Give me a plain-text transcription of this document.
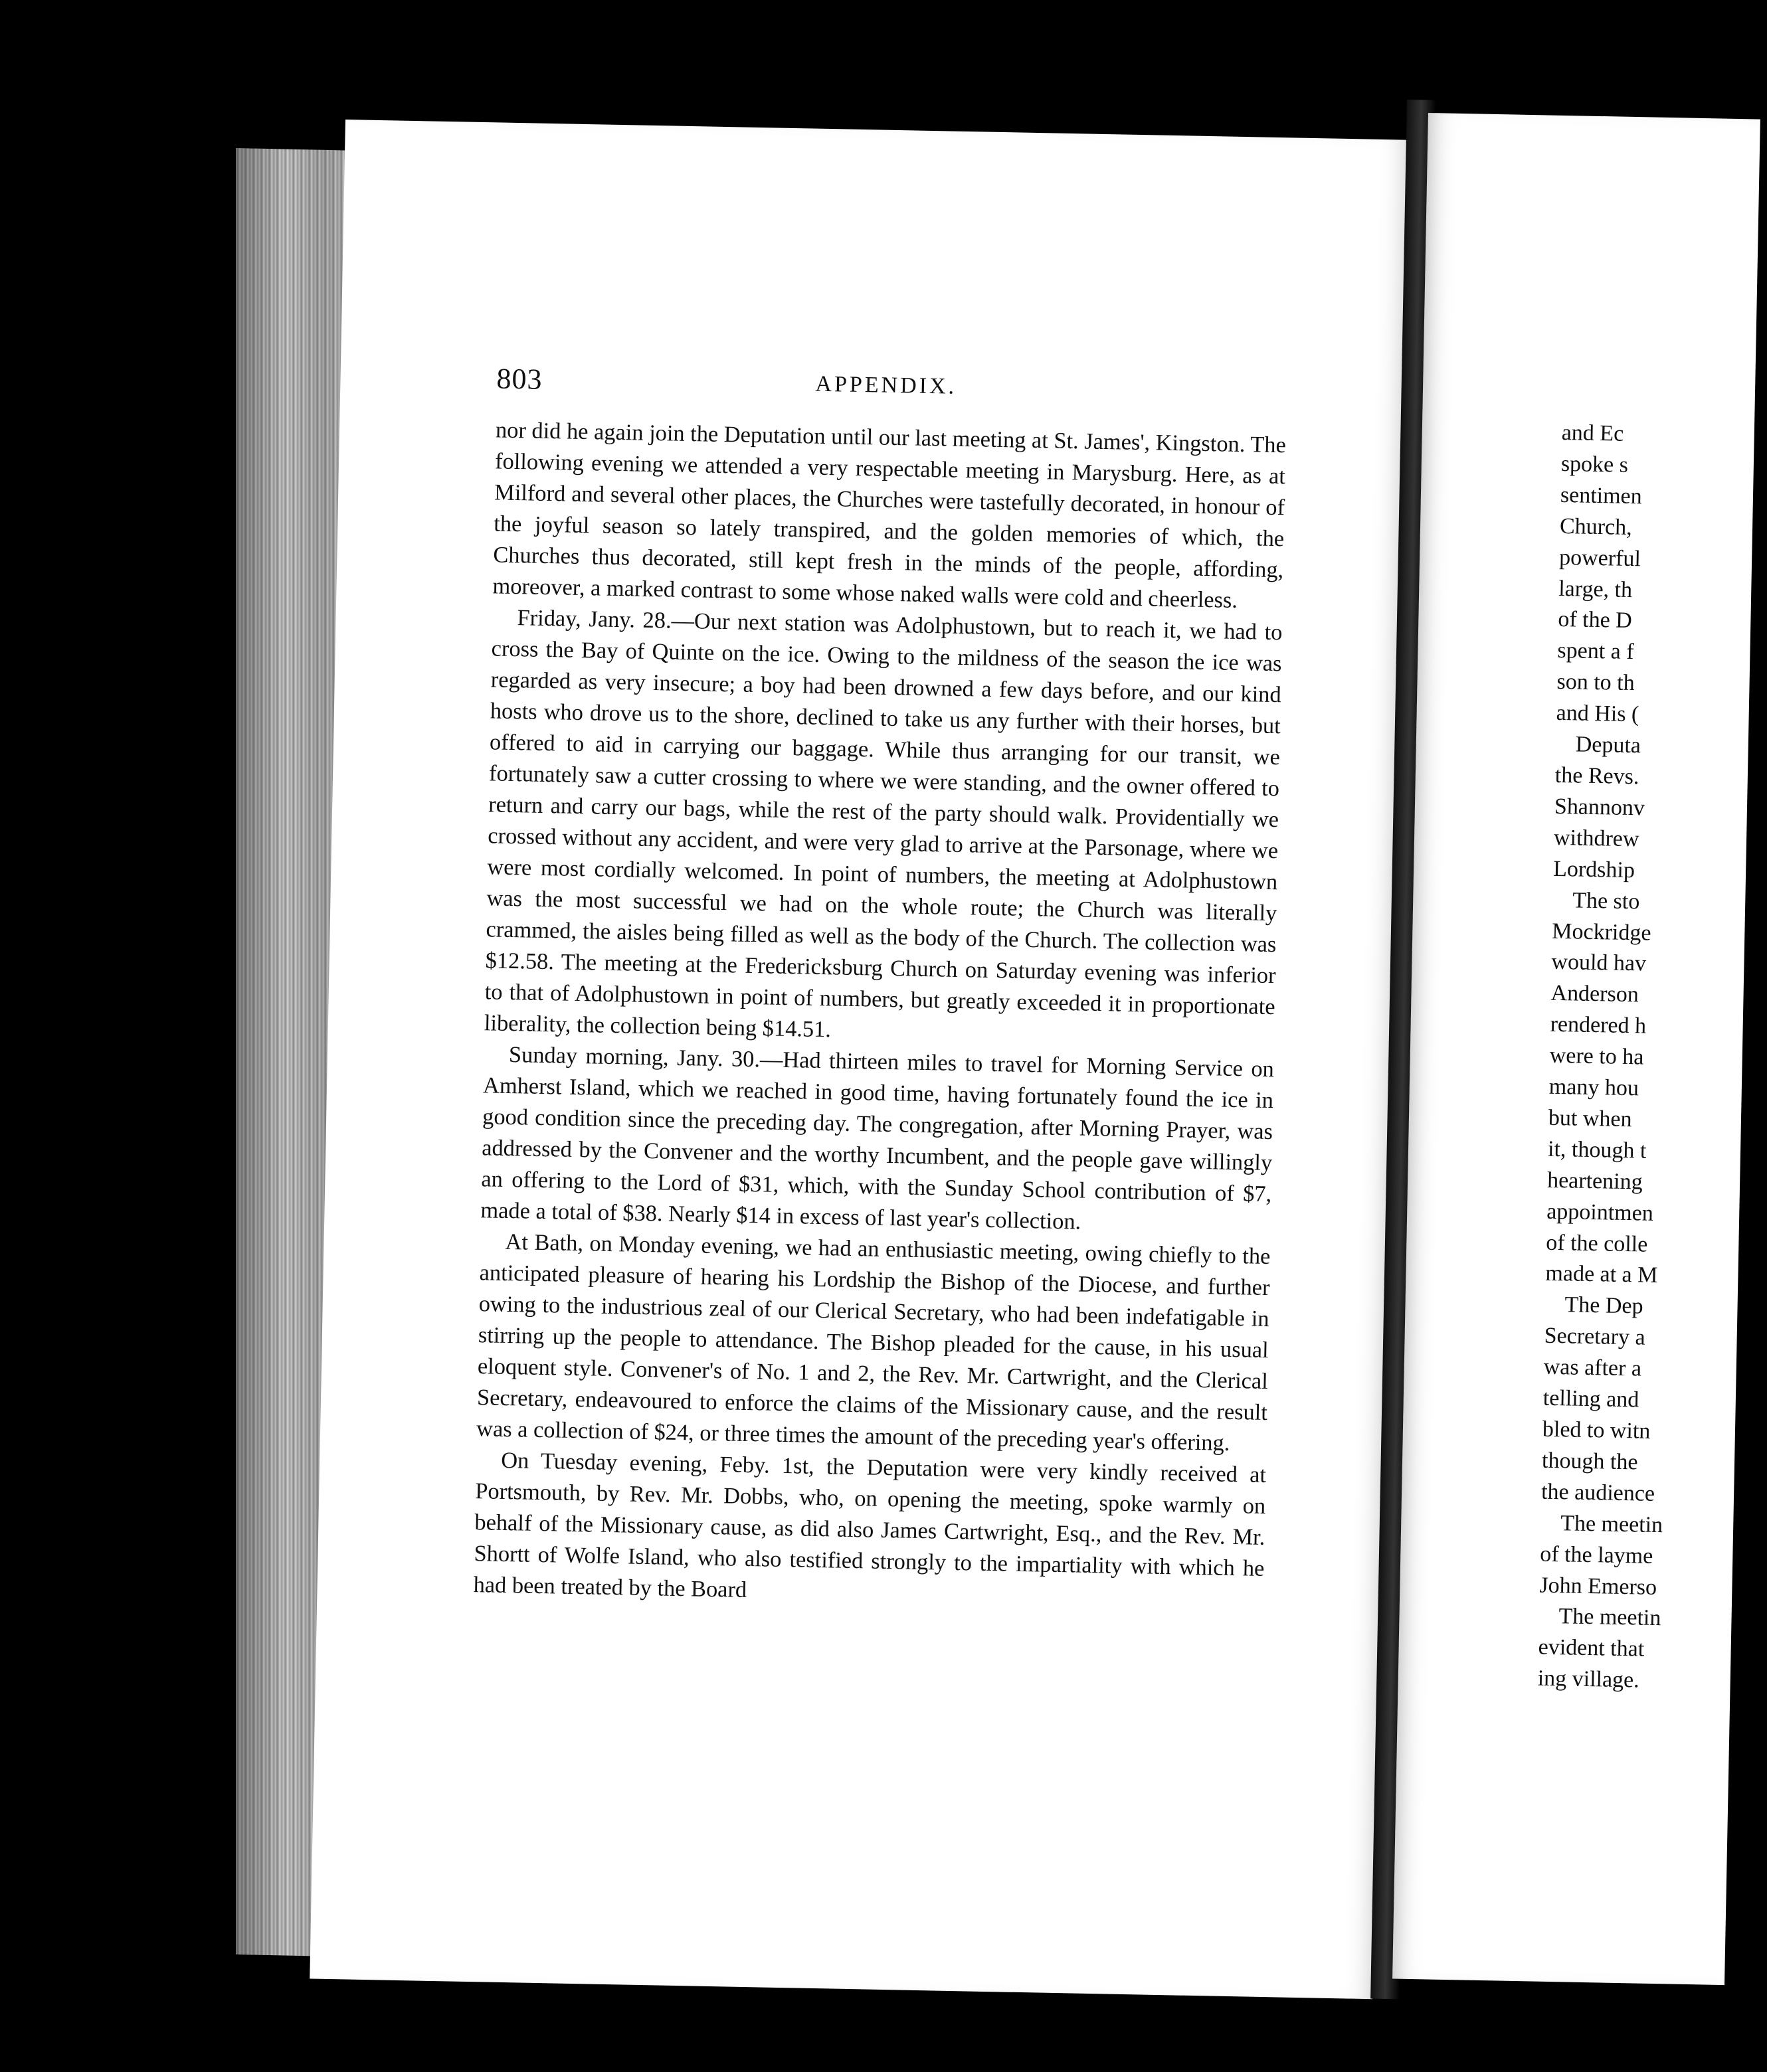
803	APPENDIX.

nor did he again join the Deputation until our last meeting at St. James', Kingston. The following evening we attended a very respectable meeting in Marysburg. Here, as at Milford and several other places, the Churches were tastefully decorated, in honour of the joyful season so lately transpired, and the golden memories of which, the Churches thus decorated, still kept fresh in the minds of the people, affording, moreover, a marked contrast to some whose naked walls were cold and cheerless.

Friday, Jany. 28.—Our next station was Adolphustown, but to reach it, we had to cross the Bay of Quinte on the ice. Owing to the mildness of the season the ice was regarded as very insecure; a boy had been drowned a few days before, and our kind hosts who drove us to the shore, declined to take us any further with their horses, but offered to aid in carrying our baggage. While thus arranging for our transit, we fortunately saw a cutter crossing to where we were standing, and the owner offered to return and carry our bags, while the rest of the party should walk. Providentially we crossed without any accident, and were very glad to arrive at the Parsonage, where we were most cordially welcomed. In point of numbers, the meeting at Adolphustown was the most successful we had on the whole route; the Church was literally crammed, the aisles being filled as well as the body of the Church. The collection was $12.58. The meeting at the Fredericksburg Church on Saturday evening was inferior to that of Adolphustown in point of numbers, but greatly exceeded it in proportionate liberality, the collection being $14.51.

Sunday morning, Jany. 30.—Had thirteen miles to travel for Morning Service on Amherst Island, which we reached in good time, having fortunately found the ice in good condition since the preceding day. The congregation, after Morning Prayer, was addressed by the Convener and the worthy Incumbent, and the people gave willingly an offering to the Lord of $31, which, with the Sunday School contribution of $7, made a total of $38. Nearly $14 in excess of last year's collection.

At Bath, on Monday evening, we had an enthusiastic meeting, owing chiefly to the anticipated pleasure of hearing his Lordship the Bishop of the Diocese, and further owing to the industrious zeal of our Clerical Secretary, who had been indefatigable in stirring up the people to attendance. The Bishop pleaded for the cause, in his usual eloquent style. Convener's of No. 1 and 2, the Rev. Mr. Cartwright, and the Clerical Secretary, endeavoured to enforce the claims of the Missionary cause, and the result was a collection of $24, or three times the amount of the preceding year's offering.

On Tuesday evening, Feby. 1st, the Deputation were very kindly received at Portsmouth, by Rev. Mr. Dobbs, who, on opening the meeting, spoke warmly on behalf of the Missionary cause, as did also James Cartwright, Esq., and the Rev. Mr. Shortt of Wolfe Island, who also testified strongly to the impartiality with which he had been treated by the Board

and Ec
spoke s
sentimen
Church,
powerful
large, th
of the D
spent a f
son to th
and His (
Deputa
the Revs.
Shannonv
withdrew
Lordship
The sto
Mockridge
would hav
Anderson
rendered h
were to ha
many hou
but when
it, though t
heartening
appointmen
of the colle
made at a M
The Dep
Secretary a
was after a
telling and
bled to witn
though the
the audience
The meetin
of the layme
John Emerso
The meetin
evident that
ing village.
